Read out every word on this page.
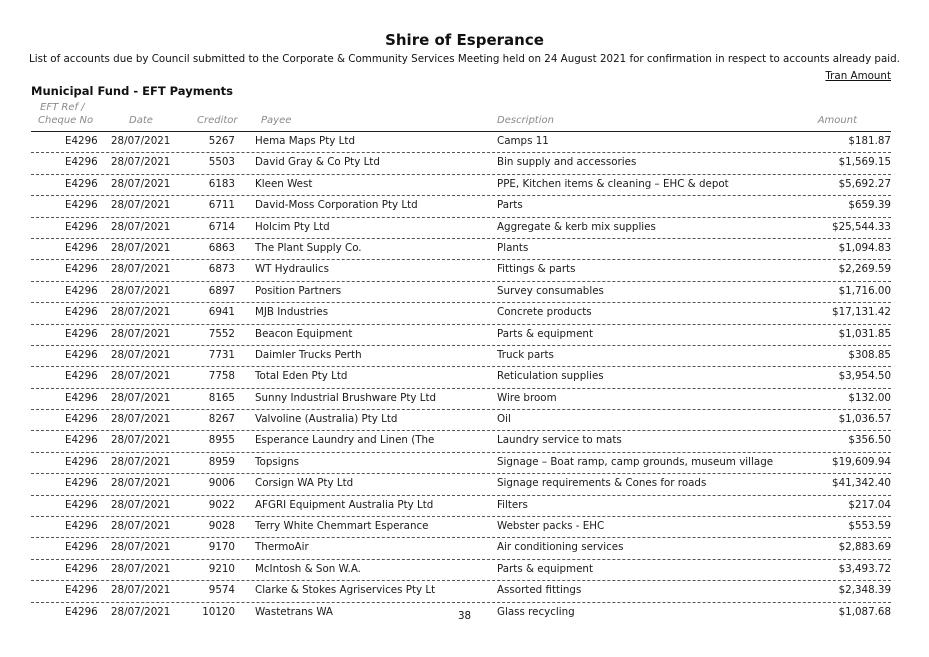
Shire of Esperance
List of accounts due by Council submitted to the Corporate & Community Services Meeting held on 24 August 2021 for confirmation in respect to accounts already paid.
Tran Amount
Municipal Fund - EFT Payments
EFT Ref /
Cheque No	Date	Creditor Payee	Description	Amount
E4296 28/07/2021	5267 Hema Maps Pty Ltd	Camps 11	$181.87
E4296 28/07/2021	5503 David Gray & Co Pty Ltd	Bin supply and accessories	$1,569.15
E4296 28/07/2021	6183 Kleen West	PPE, Kitchen items & cleaning – EHC & depot	$5,692.27
E4296 28/07/2021	6711 David-Moss Corporation Pty Ltd	Parts	$659.39
E4296 28/07/2021	6714 Holcim Pty Ltd	Aggregate & kerb mix supplies	$25,544.33
E4296 28/07/2021	6863 The Plant Supply Co.	Plants	$1,094.83
E4296 28/07/2021	6873 WT Hydraulics	Fittings & parts	$2,269.59
E4296 28/07/2021	6897 Position Partners	Survey consumables	$1,716.00
E4296 28/07/2021	6941 MJB Industries	Concrete products	$17,131.42
E4296 28/07/2021	7552 Beacon Equipment	Parts & equipment	$1,031.85
E4296 28/07/2021	7731 Daimler Trucks Perth	Truck parts	$308.85
E4296 28/07/2021	7758 Total Eden Pty Ltd	Reticulation supplies	$3,954.50
E4296 28/07/2021	8165 Sunny Industrial Brushware Pty Ltd	Wire broom	$132.00
E4296 28/07/2021	8267 Valvoline (Australia) Pty Ltd	Oil	$1,036.57
E4296 28/07/2021	8955 Esperance Laundry and Linen (The	Laundry service to mats	$356.50
E4296 28/07/2021	8959 Topsigns	Signage – Boat ramp, camp grounds, museum village	$19,609.94
E4296 28/07/2021	9006 Corsign WA Pty Ltd	Signage requirements & Cones for roads	$41,342.40
E4296 28/07/2021	9022 AFGRI Equipment Australia Pty Ltd	Filters	$217.04
E4296 28/07/2021	9028 Terry White Chemmart Esperance	Webster packs - EHC	$553.59
E4296 28/07/2021	9170 ThermoAir	Air conditioning services	$2,883.69
E4296 28/07/2021	9210 McIntosh & Son W.A.	Parts & equipment	$3,493.72
E4296 28/07/2021	9574 Clarke & Stokes Agriservices Pty Lt	Assorted fittings	$2,348.39
E4296 28/07/2021	10120 Wastetrans WA	Glass recycling	$1,087.68
38
